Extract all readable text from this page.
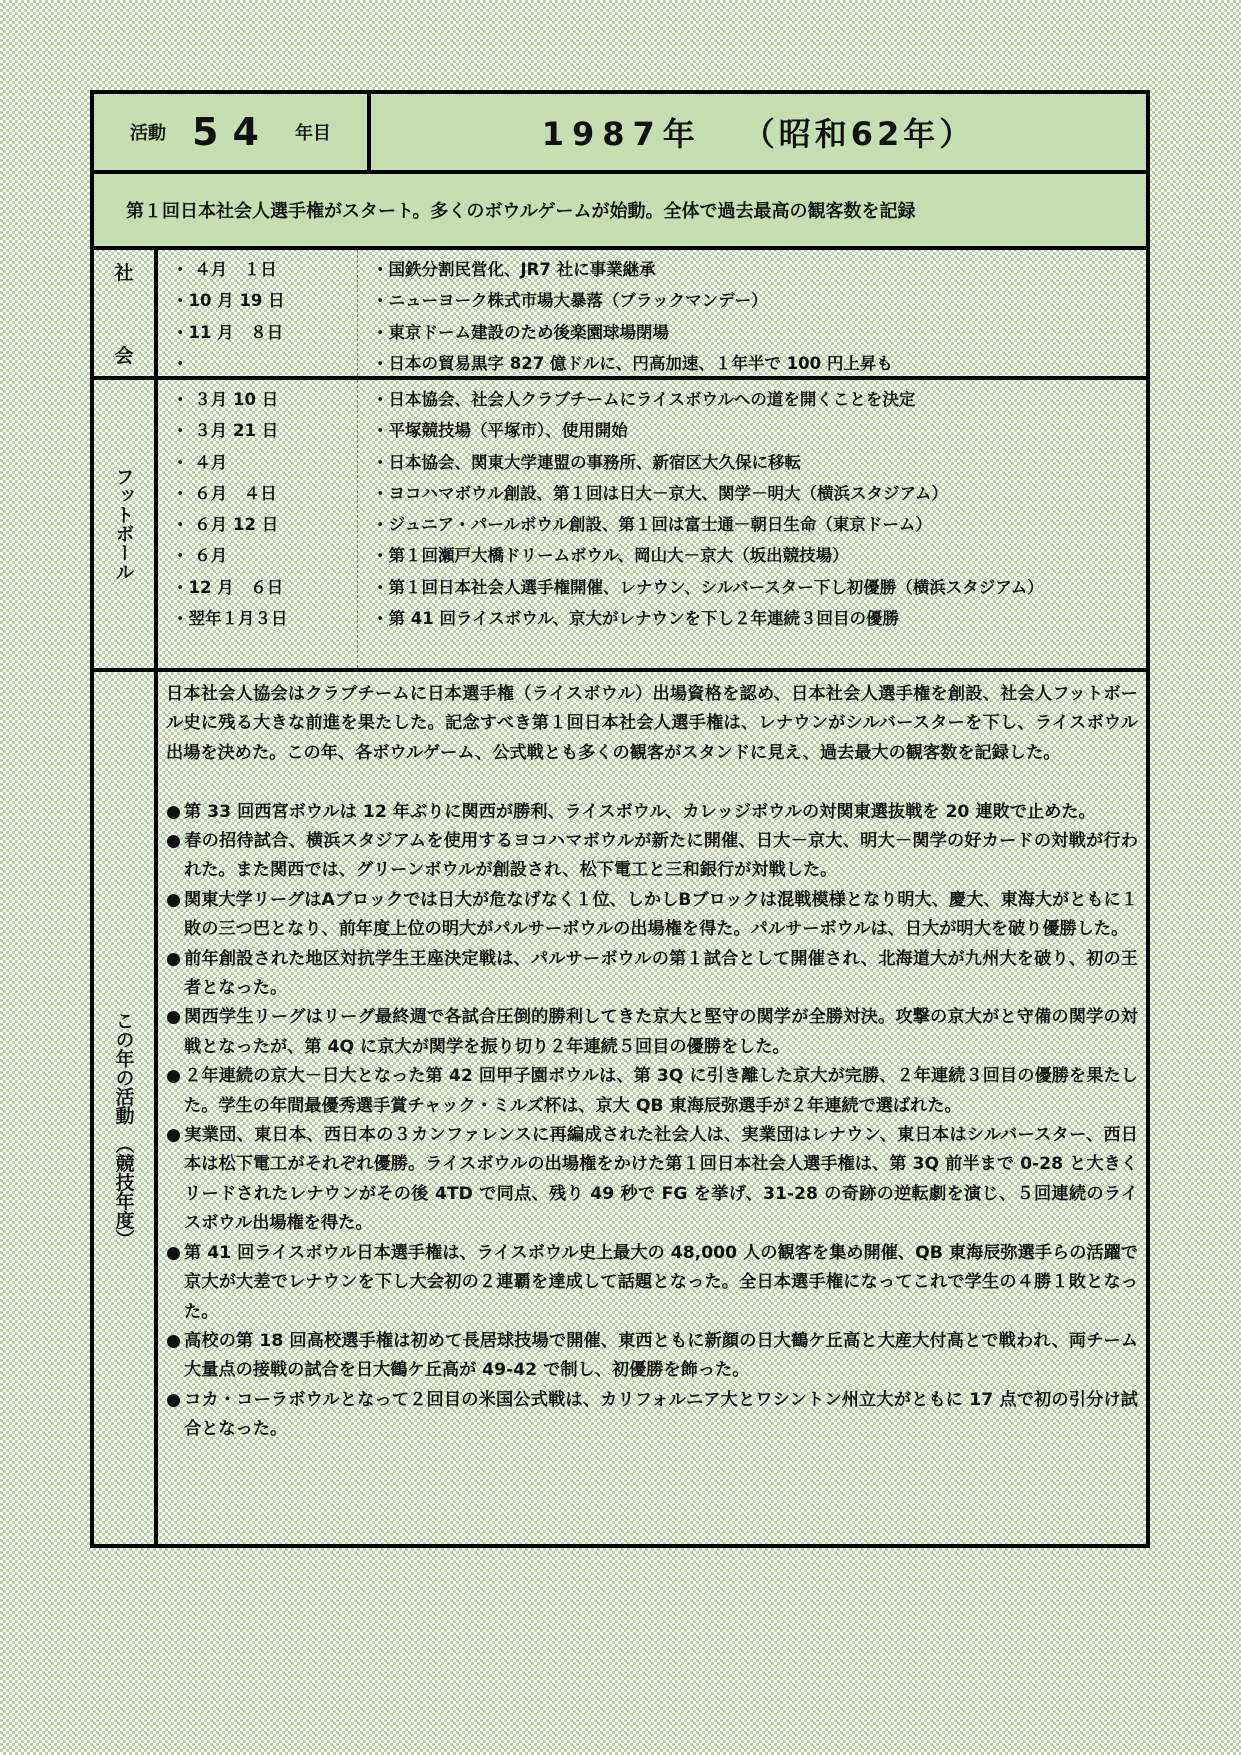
活動 54 年目	1987年 （昭和62年）
第１回日本社会人選手権がスタート。多くのボウルゲームが始動。全体で過去最高の観客数を記録
社
会
・ ４月　１日
・10 月 19 日
・11 月　８日
・
・国鉄分割民営化、JR7 社に事業継承
・ニューヨーク株式市場大暴落（ブラックマンデー）
・東京ドーム建設のため後楽園球場閉場
・日本の貿易黒字 827 億ドルに、円高加速、１年半で 100 円上昇も
フットボール
・ ３月 10 日
・ ３月 21 日
・ ４月
・ ６月　４日
・ ６月 12 日
・ ６月
・12 月　６日
・翌年１月３日
・日本協会、社会人クラブチームにライスボウルへの道を開くことを決定
・平塚競技場（平塚市）、使用開始
・日本協会、関東大学連盟の事務所、新宿区大久保に移転
・ヨコハマボウル創設、第１回は日大－京大、関学－明大（横浜スタジアム）
・ジュニア・パールボウル創設、第１回は富士通－朝日生命（東京ドーム）
・第１回瀬戸大橋ドリームボウル、岡山大－京大（坂出競技場）
・第１回日本社会人選手権開催、レナウン、シルバースター下し初優勝（横浜スタジアム）
・第 41 回ライスボウル、京大がレナウンを下し２年連続３回目の優勝
この年の活動　（競技年度）
日本社会人協会はクラブチームに日本選手権（ライスボウル）出場資格を認め、日本社会人選手権を創設、社会人フットボール史に残る大きな前進を果たした。記念すべき第１回日本社会人選手権は、レナウンがシルバースターを下し、ライスボウル出場を決めた。この年、各ボウルゲーム、公式戦とも多くの観客がスタンドに見え、過去最大の観客数を記録した。
● 第 33 回西宮ボウルは 12 年ぶりに関西が勝利、ライスボウル、カレッジボウルの対関東選抜戦を 20 連敗で止めた。
● 春の招待試合、横浜スタジアムを使用するヨコハマボウルが新たに開催、日大－京大、明大－関学の好カードの対戦が行われた。また関西では、グリーンボウルが創設され、松下電工と三和銀行が対戦した。
● 関東大学リーグはAブロックでは日大が危なげなく１位、しかしBブロックは混戦模様となり明大、慶大、東海大がともに１敗の三つ巴となり、前年度上位の明大がパルサーボウルの出場権を得た。パルサーボウルは、日大が明大を破り優勝した。
● 前年創設された地区対抗学生王座決定戦は、パルサーボウルの第１試合として開催され、北海道大が九州大を破り、初の王者となった。
● 関西学生リーグはリーグ最終週で各試合圧倒的勝利してきた京大と堅守の関学が全勝対決。攻撃の京大がと守備の関学の対戦となったが、第 4Q に京大が関学を振り切り２年連続５回目の優勝をした。
● ２年連続の京大－日大となった第 42 回甲子園ボウルは、第 3Q に引き離した京大が完勝、２年連続３回目の優勝を果たした。学生の年間最優秀選手賞チャック・ミルズ杯は、京大 QB 東海辰弥選手が２年連続で選ばれた。
● 実業団、東日本、西日本の３カンファレンスに再編成された社会人は、実業団はレナウン、東日本はシルバースター、西日本は松下電工がそれぞれ優勝。ライスボウルの出場権をかけた第１回日本社会人選手権は、第 3Q 前半まで 0-28 と大きくリードされたレナウンがその後 4TD で同点、残り 49 秒で FG を挙げ、31-28 の奇跡の逆転劇を演じ、５回連続のライスボウル出場権を得た。
● 第 41 回ライスボウル日本選手権は、ライスボウル史上最大の 48,000 人の観客を集め開催、QB 東海辰弥選手らの活躍で京大が大差でレナウンを下し大会初の２連覇を達成して話題となった。全日本選手権になってこれで学生の４勝１敗となった。
● 高校の第 18 回高校選手権は初めて長居球技場で開催、東西ともに新顔の日大鶴ケ丘高と大産大付高とで戦われ、両チーム大量点の接戦の試合を日大鶴ケ丘高が 49-42 で制し、初優勝を飾った。
● コカ・コーラボウルとなって２回目の米国公式戦は、カリフォルニア大とワシントン州立大がともに 17 点で初の引分け試合となった。
